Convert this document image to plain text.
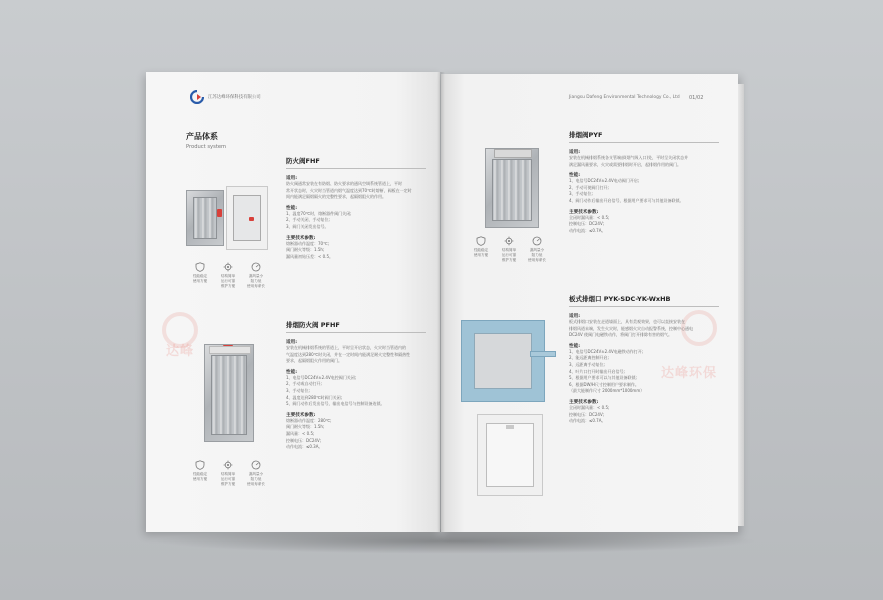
江苏达峰环保科技有限公司
产品体系
Product system
达峰
性能稳定
使用方便
结构简单
运行可靠
维护方便
漏风量小
阻力低
使用寿命长
防火阀FHF
适用:
防火阀通常安装在有防烟、防火要求的通风空调系统管道上，平时
常开状态时，火灾时当管道内烟气温度达到70℃时熔断，阀板在一定时
间内能满足隔烟隔火的完整性要求，起隔烟阻火的作用。
性能:
1、温度70℃时，熔断器件阀门关闭;
2、手动关闭，手动复位;
3、阀门关闭发出信号。
主要技术参数:
熔断器动作温度：70℃;
阀门耐火等级：1.5h;
漏风量初始压差：< 0.5。
性能稳定
使用方便
结构简单
运行可靠
维护方便
漏风量小
阻力低
使用寿命长
排烟防火阀 PFHF
适用:
安装在机械排烟系统的管道上，平时呈开启状态，火灾时当管道内的
气温度达到280℃时关闭，并在一定时间内能满足耐火完整性和隔热性
要求，起隔烟阻火作用的阀门。
性能:
1、电信号DC24V±2.4V电控阀门关闭;
2、手动或自动打开;
3、手动复位;
4、温度达到280℃时阀门关闭;
5、阀门动作后发出信号，输出电信号与控制设备连锁。
主要技术参数:
熔断器动作温度：280℃;
阀门耐火等级：1.5h;
漏风量：< 0.5;
控制电压：DC24V;
动作电流：≤0.3A。
Jiangsu Dafeng Environmental Technology Co., Ltd 01/02
达峰环保
性能稳定
使用方便
结构简单
运行可靠
维护方便
漏风量小
阻力低
使用寿命长
排烟阀PYF
适用:
安装在机械排烟系统各支管端部(烟气吸入口)处，平时呈关闭状态并
满足漏风量要求，火灾或需要排烟时开启，起排烟作用的阀门。
性能:
1、电信号DC24V±2.4V电动阀门开启;
2、手动可使阀门打开;
3、手动复位;
4、阀门动作后输出开启信号，根据用户要求可与其他设备联锁。
主要技术参数:
全闭时漏风量：< 0.5;
控制电压：DC24V;
动作电流：≤0.7A。
板式排烟口 PYK-SDC-YK-WxHB
适用:
板式排烟口安装在走道墙面上，具有美观效果，也可以直接安装在
排烟风道末端，发生火灾时，能感烟火灾自动报警系统，控制中心通电
DC24V 使阀门电磁铁动作，将阀门打开排除有害的烟气。
性能:
1、电信号DC24V±2.4V电磁铁动作打开;
2、能远距离控制开启;
3、远距离手动复位;
4、叶片口打开时输出开启信号;
5、根据用户要求可以与其他设备联锁;
6、根据DW/H尺寸控制用户要求制作。
（最大能制作尺寸 2000mm*1000mm）
主要技术参数:
全闭时漏风量：< 0.5;
控制电压：DC24V;
动作电流：≤0.7A。
